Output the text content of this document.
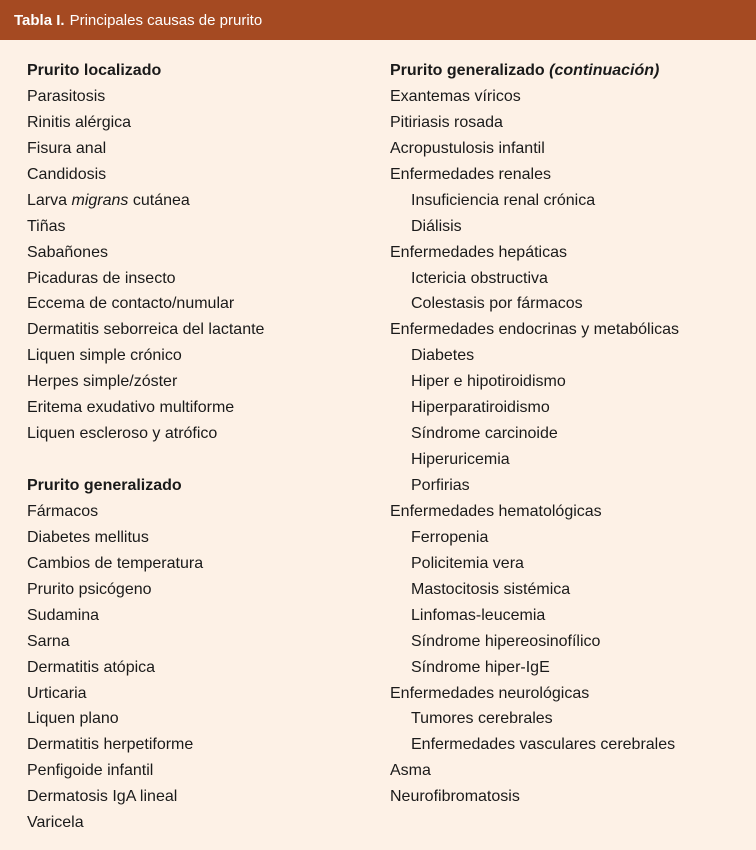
Tabla I. Principales causas de prurito
Prurito localizado
Parasitosis
Rinitis alérgica
Fisura anal
Candidosis
Larva migrans cutánea
Tiñas
Sabañones
Picaduras de insecto
Eccema de contacto/numular
Dermatitis seborreica del lactante
Liquen simple crónico
Herpes simple/zóster
Eritema exudativo multiforme
Liquen escleroso y atrófico
Prurito generalizado
Fármacos
Diabetes mellitus
Cambios de temperatura
Prurito psicógeno
Sudamina
Sarna
Dermatitis atópica
Urticaria
Liquen plano
Dermatitis herpetiforme
Penfigoide infantil
Dermatosis IgA lineal
Varicela
Prurito generalizado (continuación)
Exantemas víricos
Pitiriasis rosada
Acropustulosis infantil
Enfermedades renales
Insuficiencia renal crónica
Diálisis
Enfermedades hepáticas
Ictericia obstructiva
Colestasis por fármacos
Enfermedades endocrinas y metabólicas
Diabetes
Hiper e hipotiroidismo
Hiperparatiroidismo
Síndrome carcinoide
Hiperuricemia
Porfirias
Enfermedades hematológicas
Ferropenia
Policitemia vera
Mastocitosis sistémica
Linfomas-leucemia
Síndrome hipereosinofílico
Síndrome hiper-IgE
Enfermedades neurológicas
Tumores cerebrales
Enfermedades vasculares cerebrales
Asma
Neurofibromatosis
